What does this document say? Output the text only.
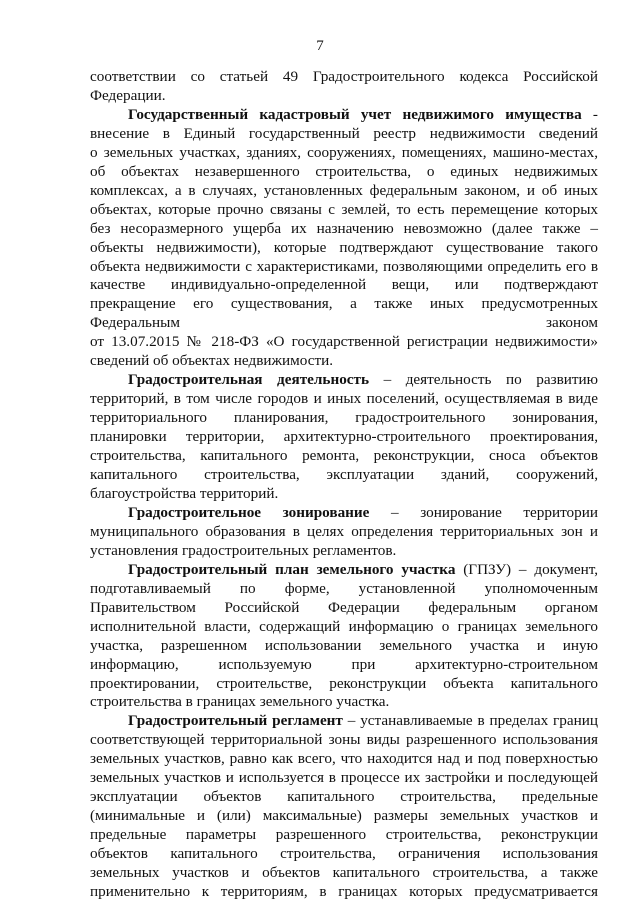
7
соответствии со статьей 49 Градостроительного кодекса Российской
Федерации.
Государственный кадастровый учет недвижимого имущества -
внесение в Единый государственный реестр недвижимости сведений
о земельных участках, зданиях, сооружениях, помещениях, машино-местах,
об объектах незавершенного строительства, о единых недвижимых
комплексах, а в случаях, установленных федеральным законом, и об иных
объектах, которые прочно связаны с землей, то есть перемещение которых
без несоразмерного ущерба их назначению невозможно (далее также –
объекты недвижимости), которые подтверждают существование такого
объекта недвижимости с характеристиками, позволяющими определить его в
качестве индивидуально-определенной вещи, или подтверждают
прекращение его существования, а также иных предусмотренных
Федеральным законом
от 13.07.2015 № 218-ФЗ «О государственной регистрации недвижимости»
сведений об объектах недвижимости.
Градостроительная деятельность – деятельность по развитию
территорий, в том числе городов и иных поселений, осуществляемая в виде
территориального планирования, градостроительного зонирования,
планировки территории, архитектурно-строительного проектирования,
строительства, капитального ремонта, реконструкции, сноса объектов
капитального строительства, эксплуатации зданий, сооружений,
благоустройства территорий.
Градостроительное зонирование – зонирование территории
муниципального образования в целях определения территориальных зон и
установления градостроительных регламентов.
Градостроительный план земельного участка (ГПЗУ) – документ,
подготавливаемый по форме, установленной уполномоченным
Правительством Российской Федерации федеральным органом
исполнительной власти, содержащий информацию о границах земельного
участка, разрешенном использовании земельного участка и иную
информацию, используемую при архитектурно-строительном
проектировании, строительстве, реконструкции объекта капитального
строительства в границах земельного участка.
Градостроительный регламент – устанавливаемые в пределах границ
соответствующей территориальной зоны виды разрешенного использования
земельных участков, равно как всего, что находится над и под поверхностью
земельных участков и используется в процессе их застройки и последующей
эксплуатации объектов капитального строительства, предельные
(минимальные и (или) максимальные) размеры земельных участков и
предельные параметры разрешенного строительства, реконструкции
объектов капитального строительства, ограничения использования
земельных участков и объектов капитального строительства, а также
применительно к территориям, в границах которых предусматривается
